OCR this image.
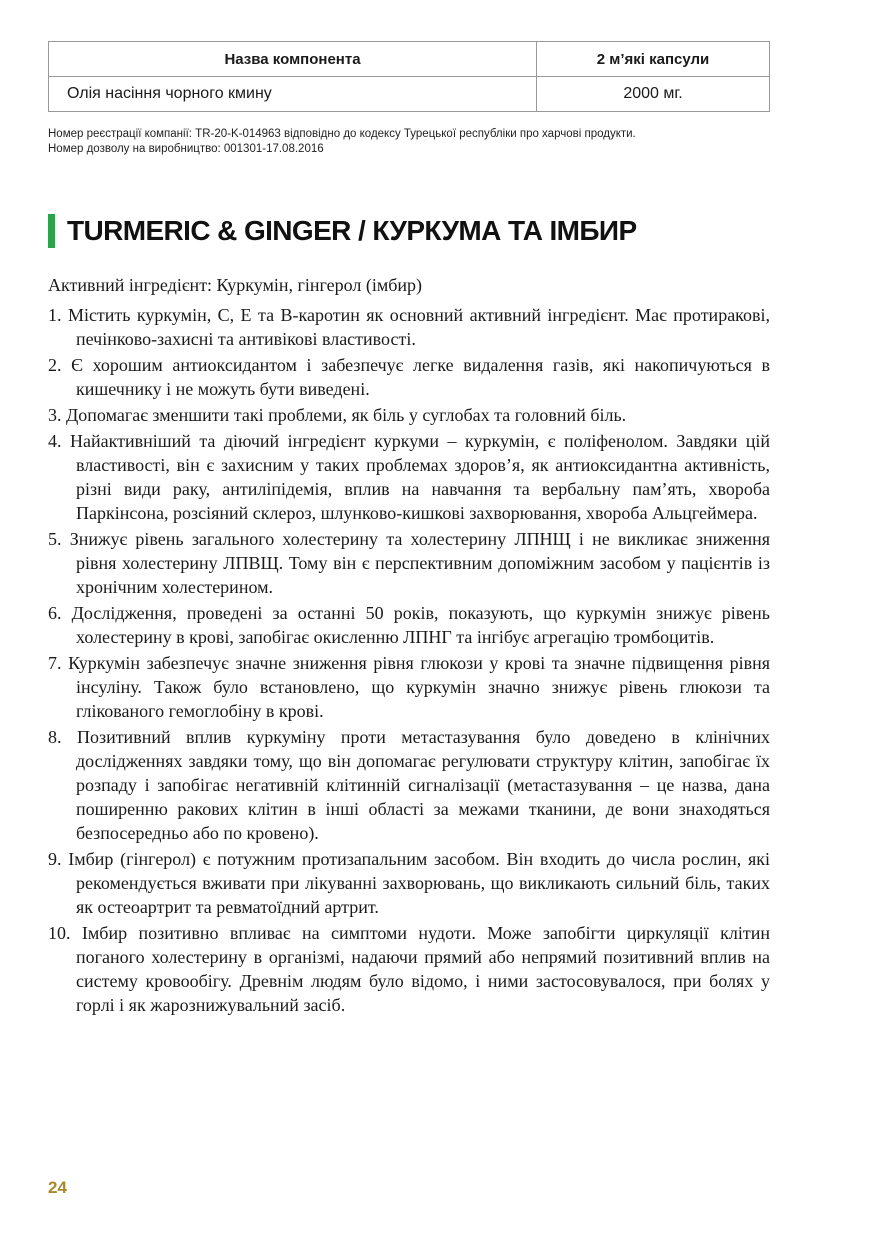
Назва компонента	2 м’які капсули
Олія насіння чорного кмину	2000 мг.
Номер реєстрації компанії: TR-20-K-014963 відповідно до кодексу Турецької республіки про харчові продукти.
Номер дозволу на виробництво: 001301-17.08.2016
TURMERIC & GINGER / КУРКУМА ТА ІМБИР
Активний інгредієнт: Куркумін, гінгерол (імбир)
1. Містить куркумін, C, E та B-каротин як основний активний інгредієнт. Має протиракові, печінково-захисні та антивікові властивості.
2. Є хорошим антиоксидантом і забезпечує легке видалення газів, які накопичуються в кишечнику і не можуть бути виведені.
3. Допомагає зменшити такі проблеми, як біль у суглобах та головний біль.
4. Найактивніший та діючий інгредієнт куркуми – куркумін, є поліфенолом. Завдяки цій властивості, він є захисним у таких проблемах здоров’я, як антиоксидантна активність, різні види раку, антиліпідемія, вплив на навчання та вербальну пам’ять, хвороба Паркінсона, розсіяний склероз, шлунково-кишкові захворювання, хвороба Альцгеймера.
5. Знижує рівень загального холестерину та холестерину ЛПНЩ і не викликає зниження рівня холестерину ЛПВЩ. Тому він є перспективним допоміжним засобом у пацієнтів із хронічним холестерином.
6. Дослідження, проведені за останні 50 років, показують, що куркумін знижує рівень холестерину в крові, запобігає окисленню ЛПНГ та інгібує агрегацію тромбоцитів.
7. Куркумін забезпечує значне зниження рівня глюкози у крові та значне підвищення рівня інсуліну. Також було встановлено, що куркумін значно знижує рівень глюкози та глікованого гемоглобіну в крові.
8. Позитивний вплив куркуміну проти метастазування було доведено в клінічних дослідженнях завдяки тому, що він допомагає регулювати структуру клітин, запобігає їх розпаду і запобігає негативній клітинній сигналізації (метастазування – це назва, дана поширенню ракових клітин в інші області за межами тканини, де вони знаходяться безпосередньо або по кровено).
9. Імбир (гінгерол) є потужним протизапальним засобом. Він входить до числа рослин, які рекомендується вживати при лікуванні захворювань, що викликають сильний біль, таких як остеоартрит та ревматоїдний артрит.
10. Імбир позитивно впливає на симптоми нудоти. Може запобігти циркуляції клітин поганого холестерину в організмі, надаючи прямий або непрямий позитивний вплив на систему кровообігу. Древнім людям було відомо, і ними застосовувалося, при болях у горлі і як жарознижувальний засіб.
24
